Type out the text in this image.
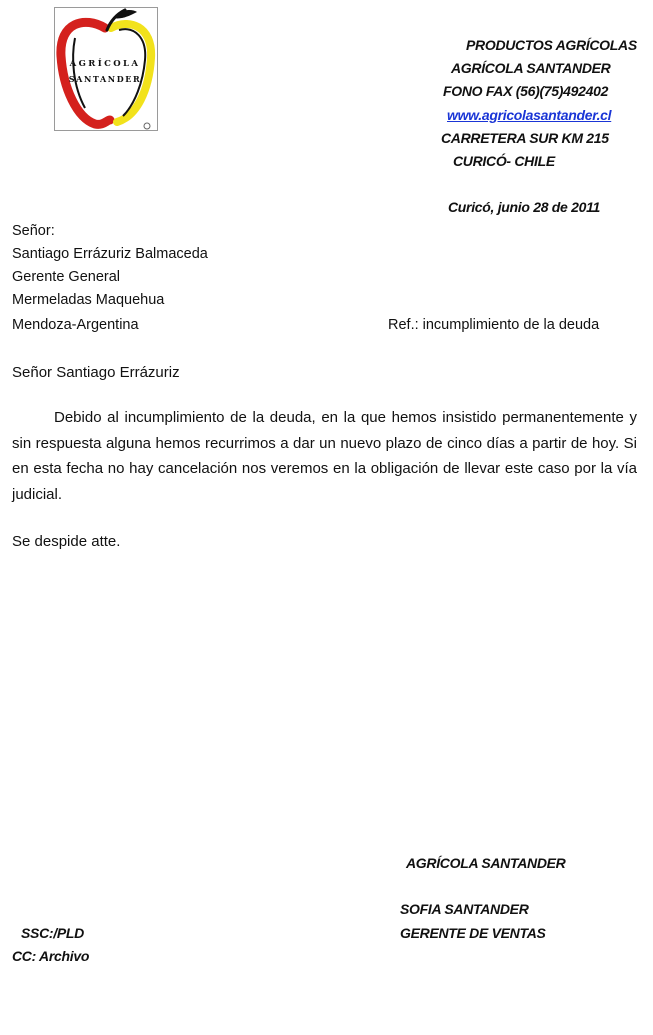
AGRÍCOLA
SANTANDER
PRODUCTOS AGRÍCOLAS
AGRÍCOLA SANTANDER
FONO FAX (56)(75)492402
www.agricolasantander.cl
CARRETERA SUR KM 215
CURICÓ- CHILE
Curicó, junio 28 de 2011
Señor:
Santiago Errázuriz Balmaceda
Gerente General
Mermeladas Maquehua
Mendoza-Argentina	Ref.: incumplimiento de la deuda
Señor Santiago Errázuriz
Debido al incumplimiento de la deuda, en la que hemos insistido permanentemente y sin respuesta alguna hemos recurrimos a dar un nuevo plazo de cinco días a partir de hoy. Si en esta fecha no hay cancelación nos veremos en la obligación de llevar este caso por la vía judicial.
Se despide atte.
AGRÍCOLA SANTANDER
SOFIA SANTANDER
GERENTE DE VENTAS
SSC:/PLD
CC: Archivo
